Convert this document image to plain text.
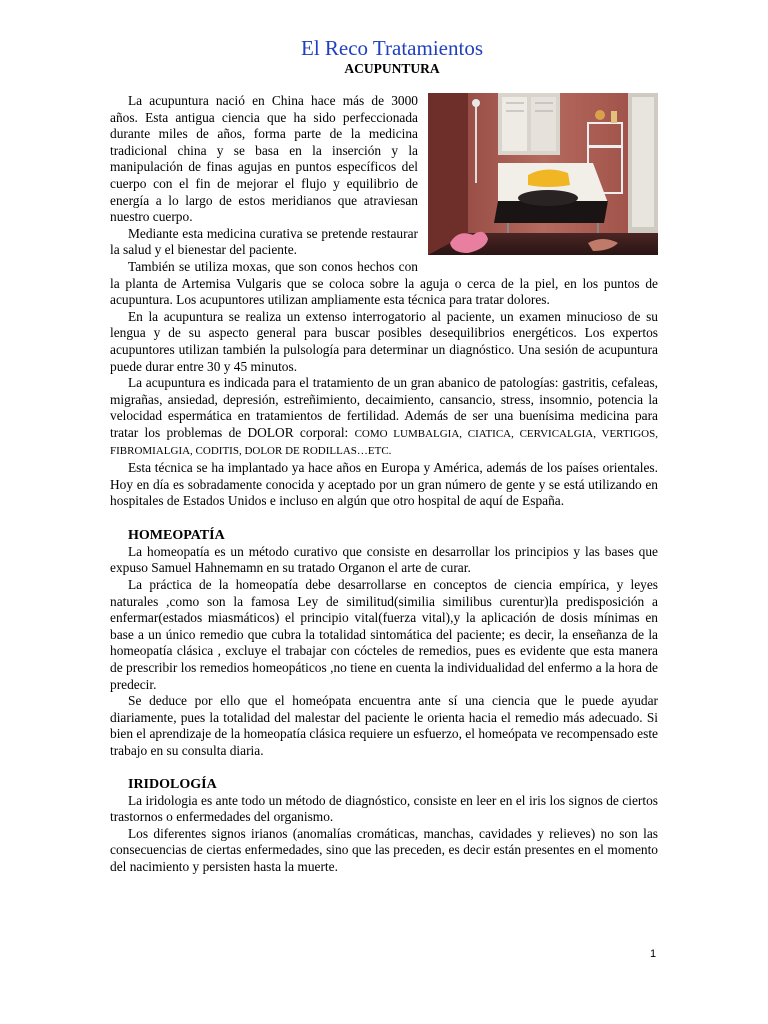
El Reco Tratamientos
ACUPUNTURA

La acupuntura nació en China hace más de 3000 años. Esta antigua ciencia que ha sido perfeccionada durante miles de años, forma parte de la medicina tradicional china y se basa en la inserción y la manipulación de finas agujas en puntos específicos del cuerpo con el fin de mejorar el flujo y equilibrio de energía a lo largo de estos meridianos que atraviesan nuestro cuerpo.

Mediante esta medicina curativa se pretende restaurar la salud y el bienestar del paciente.

También se utiliza moxas, que son conos hechos con la planta de Artemisa Vulgaris que se coloca sobre la aguja o cerca de la piel, en los puntos de acupuntura. Los acupuntores utilizan ampliamente esta técnica para tratar dolores.

En la acupuntura se realiza un extenso interrogatorio al paciente, un examen minucioso de su lengua y de su aspecto general para buscar posibles desequilibrios energéticos. Los expertos acupuntores utilizan también la pulsología para determinar un diagnóstico. Una sesión de acupuntura puede durar entre 30 y 45 minutos.

La acupuntura es indicada para el tratamiento de un gran abanico de patologías: gastritis, cefaleas, migrañas, ansiedad, depresión, estreñimiento, decaimiento, cansancio, stress, insomnio, potencia la velocidad espermática en tratamientos de fertilidad. Además de ser una buenísima medicina para tratar los problemas de DOLOR corporal: COMO LUMBALGIA, CIATICA, CERVICALGIA, VERTIGOS, FIBROMIALGIA, CODITIS, DOLOR DE RODILLAS…ETC.

Esta técnica se ha implantado ya hace años en Europa y América, además de los países orientales. Hoy en día es sobradamente conocida y aceptado por un gran número de gente y se está utilizando en hospitales de Estados Unidos e incluso en algún que otro hospital de aquí de España.

HOMEOPATÍA

La homeopatía es un método curativo que consiste en desarrollar los principios y las bases que expuso Samuel Hahnemamn en su tratado Organon el arte de curar.

La práctica de la homeopatía debe desarrollarse en conceptos de ciencia empírica, y leyes naturales ,como son la famosa Ley de similitud(similia similibus curentur)la predisposición a enfermar(estados miasmáticos) el principio vital(fuerza vital),y la aplicación de dosis mínimas en base a un único remedio que cubra la totalidad sintomática del paciente; es decir, la enseñanza de la homeopatía clásica , excluye el trabajar con cócteles de remedios, pues es evidente que esta manera de prescribir los remedios homeopáticos ,no tiene en cuenta la individualidad del enfermo a la hora de predecir.

Se deduce por ello que el homeópata encuentra ante sí una ciencia que le puede ayudar diariamente, pues la totalidad del malestar del paciente le orienta hacia el remedio más adecuado. Si bien el aprendizaje de la homeopatía clásica requiere un esfuerzo, el homeópata ve recompensado este trabajo en su consulta diaria.

IRIDOLOGÍA

La iridologia es ante todo un método de diagnóstico, consiste en leer en el iris los signos de ciertos trastornos o enfermedades del organismo.

Los diferentes signos irianos (anomalías cromáticas, manchas, cavidades y relieves) no son las consecuencias de ciertas enfermedades, sino que las preceden, es decir están presentes en el momento del nacimiento y persisten hasta la muerte.

1
